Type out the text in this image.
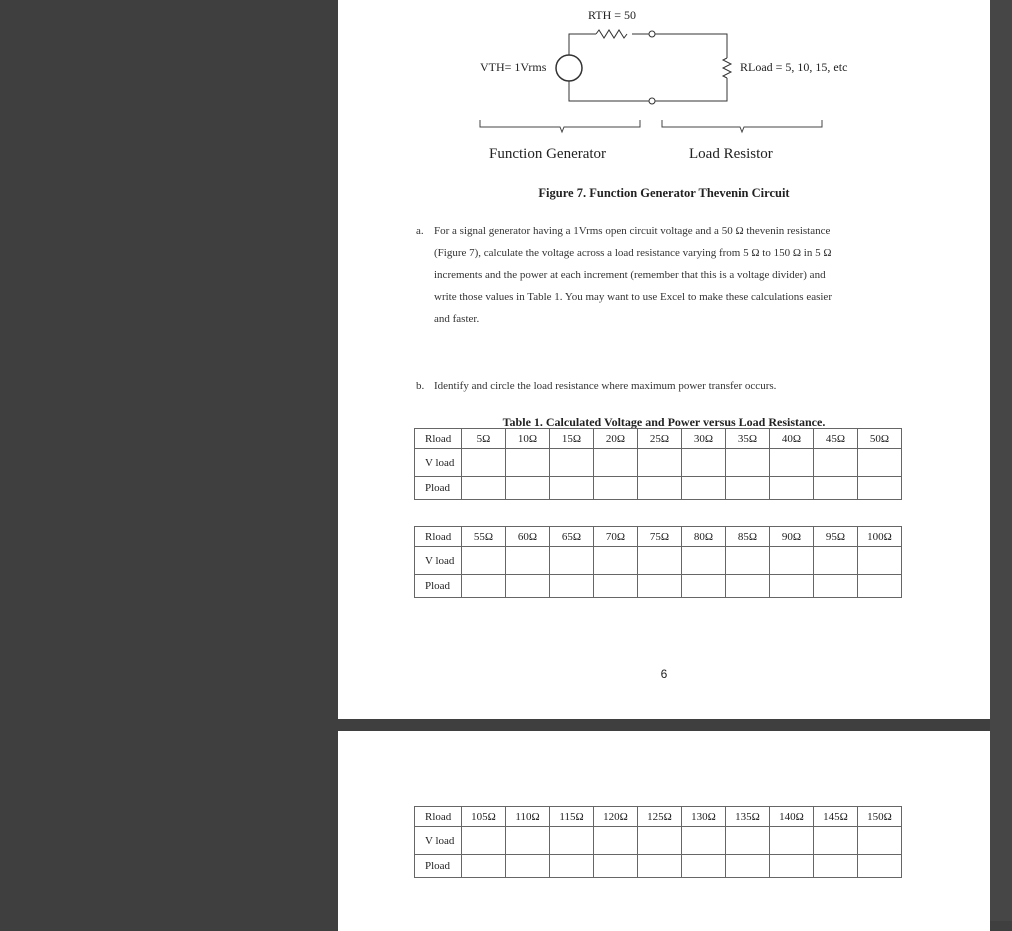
RTH = 50
VTH= 1Vrms	RLoad = 5, 10, 15, etc
Function Generator	Load Resistor
Figure 7. Function Generator Thevenin Circuit
a. For a signal generator having a 1Vrms open circuit voltage and a 50 Ω thevenin resistance
(Figure 7), calculate the voltage across a load resistance varying from 5 Ω to 150 Ω in 5 Ω
increments and the power at each increment (remember that this is a voltage divider) and
write those values in Table 1. You may want to use Excel to make these calculations easier
and faster.
b. Identify and circle the load resistance where maximum power transfer occurs.
Table 1. Calculated Voltage and Power versus Load Resistance.
Rload	5Ω	10Ω	15Ω	20Ω	25Ω	30Ω	35Ω	40Ω	45Ω	50Ω
V load										
Pload										
Rload	55Ω	60Ω	65Ω	70Ω	75Ω	80Ω	85Ω	90Ω	95Ω	100Ω
V load										
Pload										
6
Rload	105Ω	110Ω	115Ω	120Ω	125Ω	130Ω	135Ω	140Ω	145Ω	150Ω
V load										
Pload										
